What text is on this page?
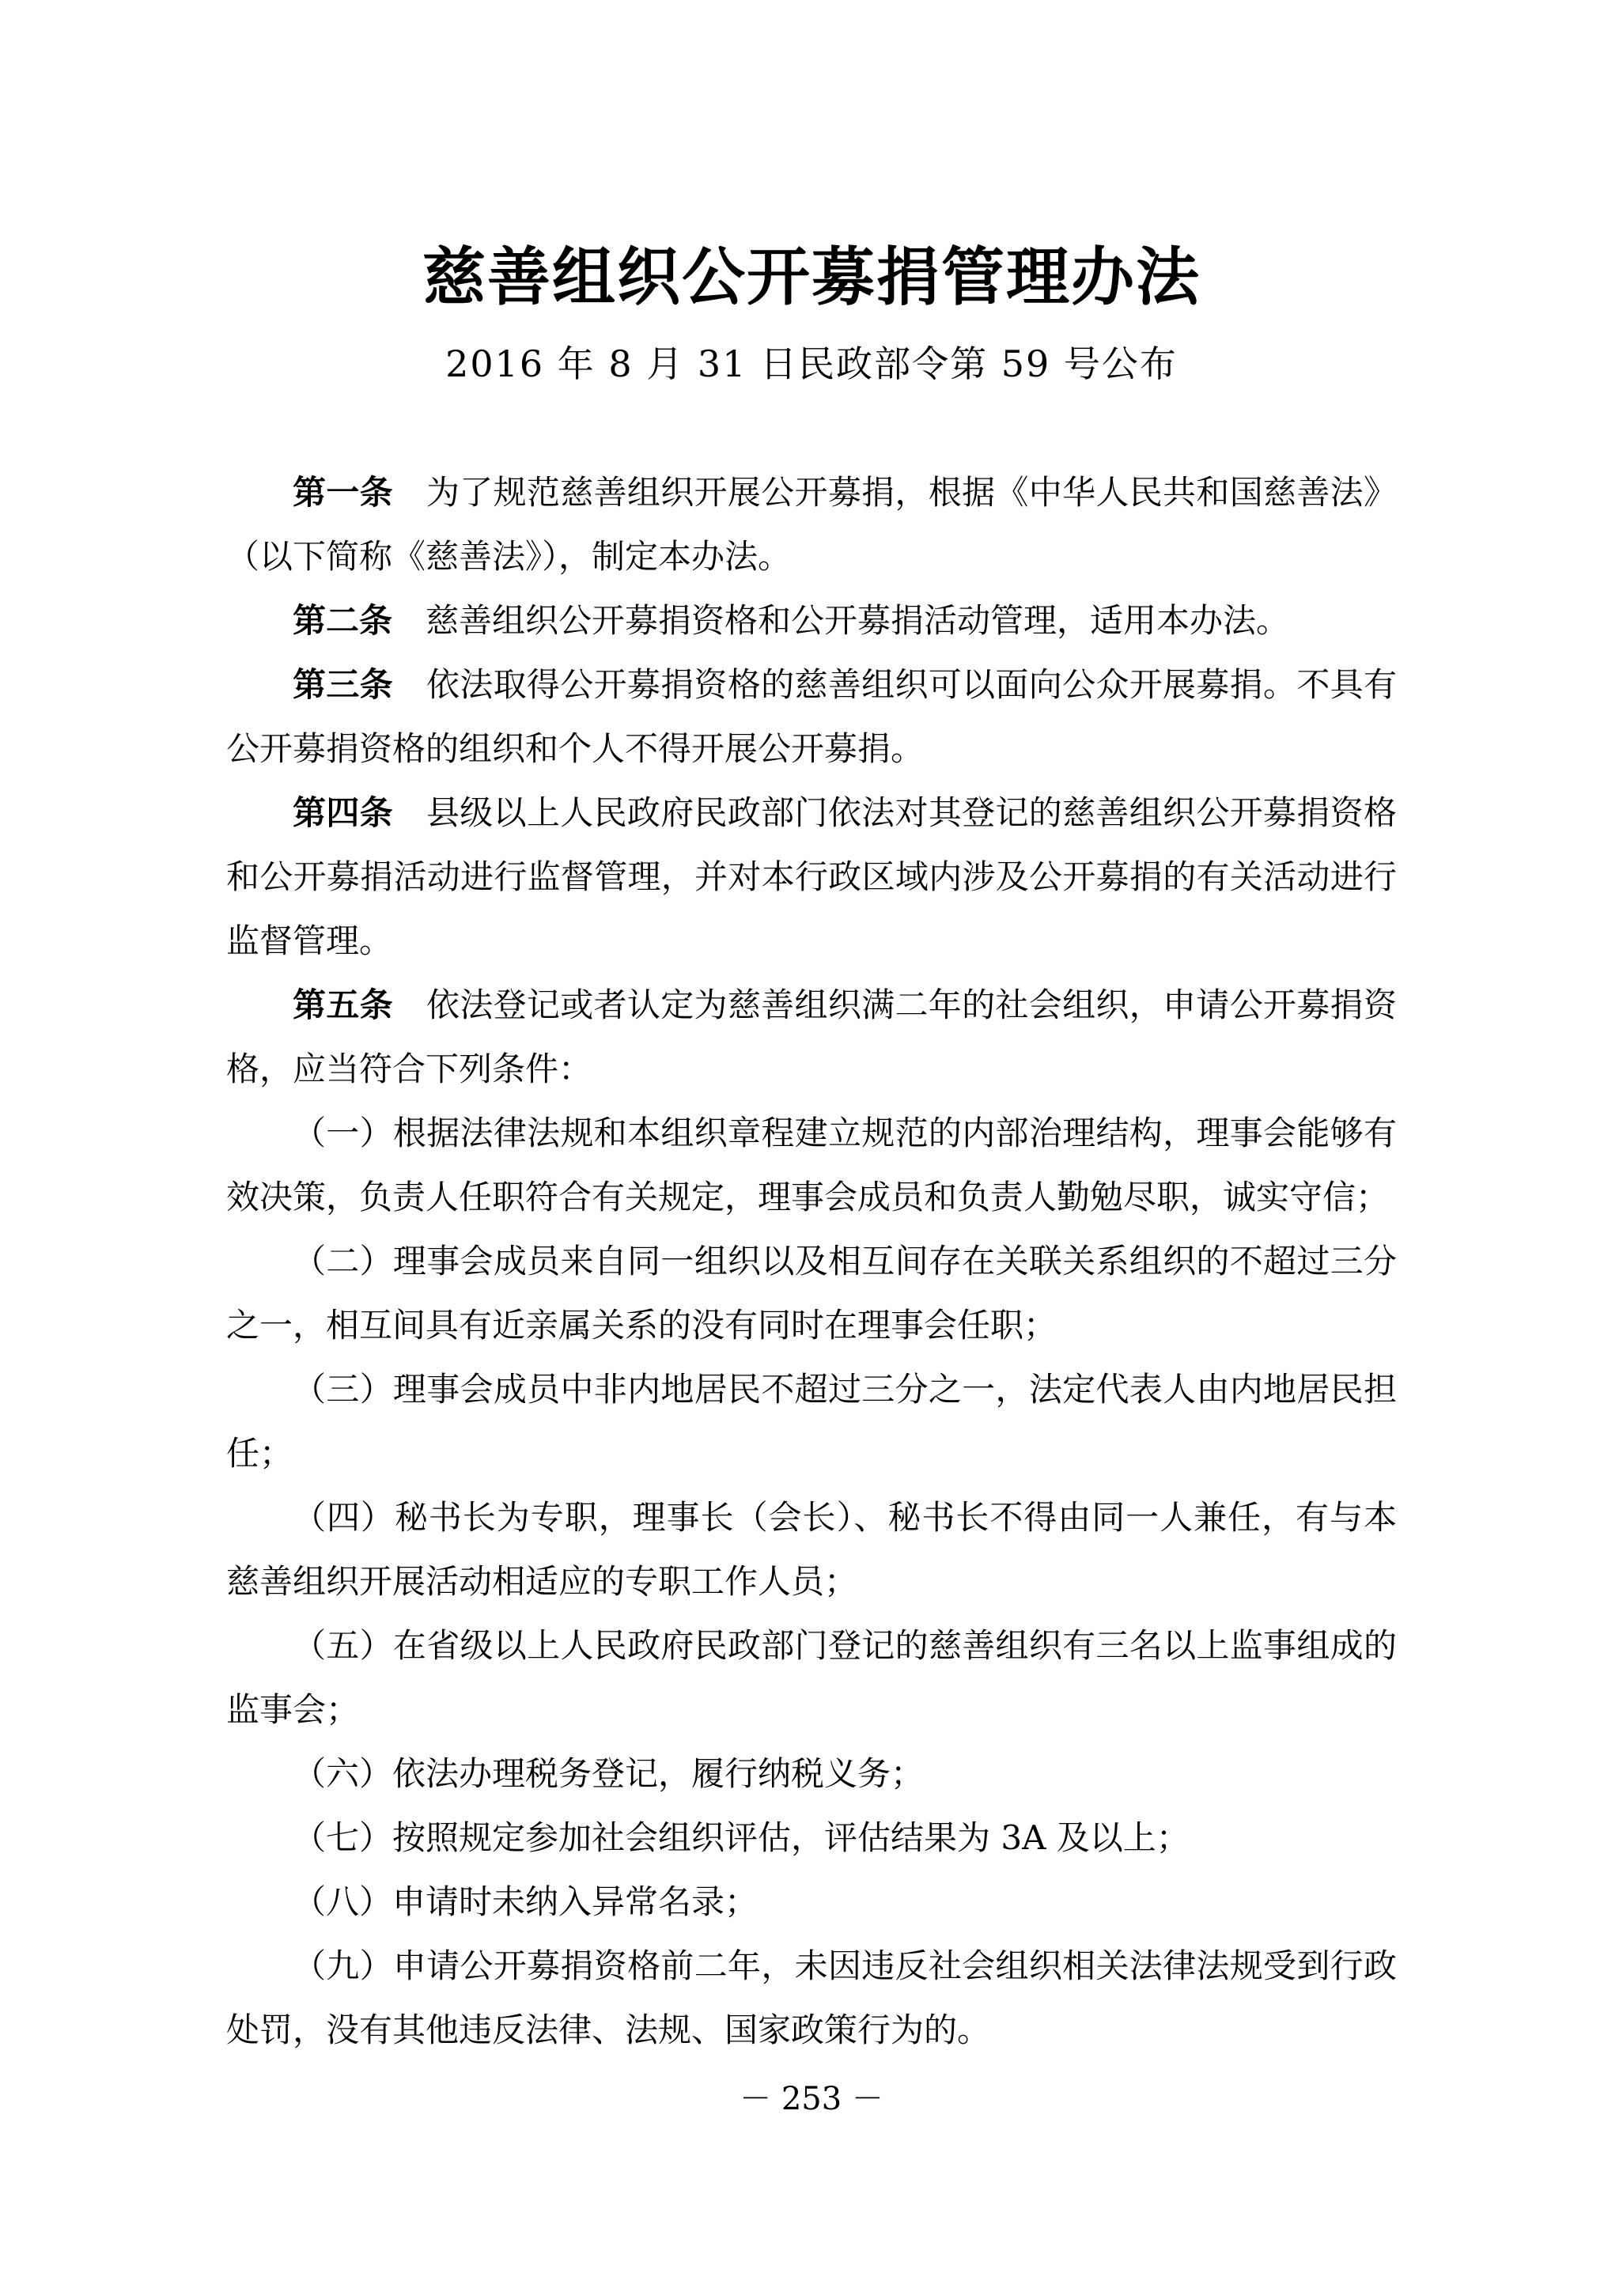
慈善组织公开募捐管理办法
2016 年 8 月 31 日民政部令第 59 号公布

第一条 为了规范慈善组织开展公开募捐，根据《中华人民共和国慈善法》（以下简称《慈善法》），制定本办法。

第二条 慈善组织公开募捐资格和公开募捐活动管理，适用本办法。

第三条 依法取得公开募捐资格的慈善组织可以面向公众开展募捐。不具有公开募捐资格的组织和个人不得开展公开募捐。

第四条 县级以上人民政府民政部门依法对其登记的慈善组织公开募捐资格和公开募捐活动进行监督管理，并对本行政区域内涉及公开募捐的有关活动进行监督管理。

第五条 依法登记或者认定为慈善组织满二年的社会组织，申请公开募捐资格，应当符合下列条件：

（一）根据法律法规和本组织章程建立规范的内部治理结构，理事会能够有效决策，负责人任职符合有关规定，理事会成员和负责人勤勉尽职，诚实守信；

（二）理事会成员来自同一组织以及相互间存在关联关系组织的不超过三分之一，相互间具有近亲属关系的没有同时在理事会任职；

（三）理事会成员中非内地居民不超过三分之一，法定代表人由内地居民担任；

（四）秘书长为专职，理事长（会长）、秘书长不得由同一人兼任，有与本慈善组织开展活动相适应的专职工作人员；

（五）在省级以上人民政府民政部门登记的慈善组织有三名以上监事组成的监事会；

（六）依法办理税务登记，履行纳税义务；

（七）按照规定参加社会组织评估，评估结果为 3A 及以上；

（八）申请时未纳入异常名录；

（九）申请公开募捐资格前二年，未因违反社会组织相关法律法规受到行政处罚，没有其他违反法律、法规、国家政策行为的。

－ 253 －
